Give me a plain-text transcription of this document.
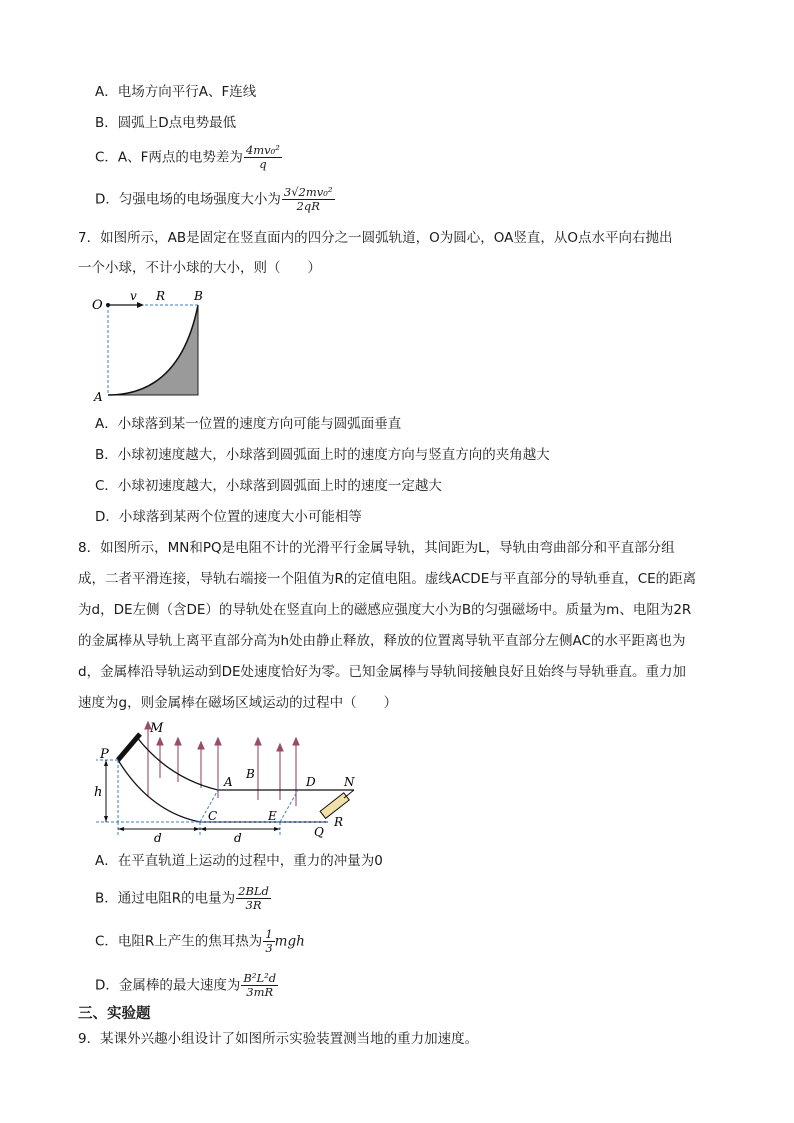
A．电场方向平行A、F连线
B．圆弧上D点电势最低
C．A、F两点的电势差为 $\frac{\text{4mv₀²}}{q}$
D．匀强电场的电场强度大小为 $\frac{\text{3√2mv₀²}}{2qR}$
7．如图所示，AB是固定在竖直面内的四分之一圆弧轨道，O为圆心，OA竖直，从O点水平向右抛出
一个小球，不计小球的大小，则（　　）
O
v R B
A
A．小球落到某一位置的速度方向可能与圆弧面垂直
B．小球初速度越大，小球落到圆弧面上时的速度方向与竖直方向的夹角越大
C．小球初速度越大，小球落到圆弧面上时的速度一定越大
D．小球落到某两个位置的速度大小可能相等
8．如图所示，MN和PQ是电阻不计的光滑平行金属导轨，其间距为L，导轨由弯曲部分和平直部分组
成，二者平滑连接，导轨右端接一个阻值为R的定值电阻。虚线ACDE与平直部分的导轨垂直，CE的距离
为d，DE左侧（含DE）的导轨处在竖直向上的磁感应强度大小为B的匀强磁场中。质量为m、电阻为2R
的金属棒从导轨上离平直部分高为h处由静止释放，释放的位置离导轨平直部分左侧AC的水平距离也为
d，金属棒沿导轨运动到DE处速度恰好为零。已知金属棒与导轨间接触良好且始终与导轨垂直。重力加
速度为g，则金属棒在磁场区域运动的过程中（　　）
P
M
h
A
B
D N
C	E
d	d	Q
R
A．在平直轨道上运动的过程中，重力的冲量为0
B．通过电阻R的电量为 $\frac{\text{2BLd}}{3R}$
C．电阻R上产生的焦耳热为 $\frac{1}{3}$ mgh
D．金属棒的最大速度为 $\frac{\text{B²L²d}}{3mR}$
三、实验题
9．某课外兴趣小组设计了如图所示实验装置测当地的重力加速度。
